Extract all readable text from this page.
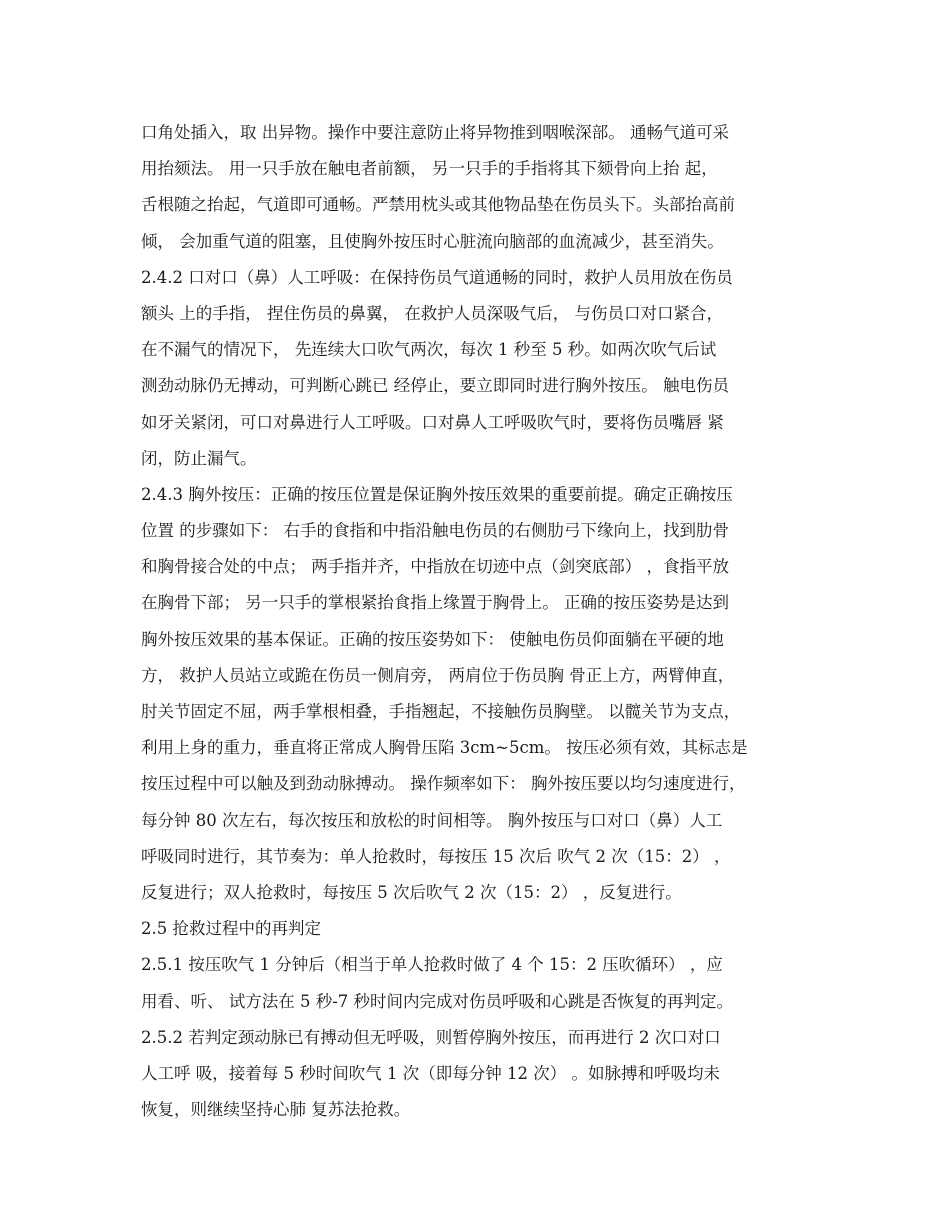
口角处插入，取 出异物。操作中要注意防止将异物推到咽喉深部。 通畅气道可采
用抬颏法。 用一只手放在触电者前额， 另一只手的手指将其下颏骨向上抬 起，
舌根随之抬起，气道即可通畅。严禁用枕头或其他物品垫在伤员头下。头部抬高前
倾， 会加重气道的阻塞，且使胸外按压时心脏流向脑部的血流减少，甚至消失。
2.4.2 口对口（鼻）人工呼吸：在保持伤员气道通畅的同时，救护人员用放在伤员
额头 上的手指， 捏住伤员的鼻翼， 在救护人员深吸气后， 与伤员口对口紧合，
在不漏气的情况下， 先连续大口吹气两次，每次 1 秒至 5 秒。如两次吹气后试
测劲动脉仍无搏动，可判断心跳已 经停止，要立即同时进行胸外按压。 触电伤员
如牙关紧闭，可口对鼻进行人工呼吸。口对鼻人工呼吸吹气时，要将伤员嘴唇 紧
闭，防止漏气。
2.4.3 胸外按压：正确的按压位置是保证胸外按压效果的重要前提。确定正确按压
位置 的步骤如下： 右手的食指和中指沿触电伤员的右侧肋弓下缘向上，找到肋骨
和胸骨接合处的中点； 两手指并齐，中指放在切迹中点（剑突底部） ，食指平放
在胸骨下部； 另一只手的掌根紧抬食指上缘置于胸骨上。 正确的按压姿势是达到
胸外按压效果的基本保证。正确的按压姿势如下： 使触电伤员仰面躺在平硬的地
方， 救护人员站立或跪在伤员一侧肩旁， 两肩位于伤员胸 骨正上方，两臂伸直，
肘关节固定不屈，两手掌根相叠，手指翘起，不接触伤员胸壁。 以髋关节为支点，
利用上身的重力，垂直将正常成人胸骨压陷 3cm~5cm。 按压必须有效，其标志是
按压过程中可以触及到劲动脉搏动。 操作频率如下： 胸外按压要以均匀速度进行，
每分钟 80 次左右，每次按压和放松的时间相等。 胸外按压与口对口（鼻）人工
呼吸同时进行，其节奏为：单人抢救时，每按压 15 次后 吹气 2 次（15：2） ，
反复进行；双人抢救时，每按压 5 次后吹气 2 次（15：2） ，反复进行。
2.5 抢救过程中的再判定
2.5.1 按压吹气 1 分钟后（相当于单人抢救时做了 4 个 15：2 压吹循环） ，应
用看、听、 试方法在 5 秒-7 秒时间内完成对伤员呼吸和心跳是否恢复的再判定。
2.5.2 若判定颈动脉已有搏动但无呼吸，则暂停胸外按压，而再进行 2 次口对口
人工呼 吸，接着每 5 秒时间吹气 1 次（即每分钟 12 次） 。如脉搏和呼吸均未
恢复，则继续坚持心肺 复苏法抢救。
